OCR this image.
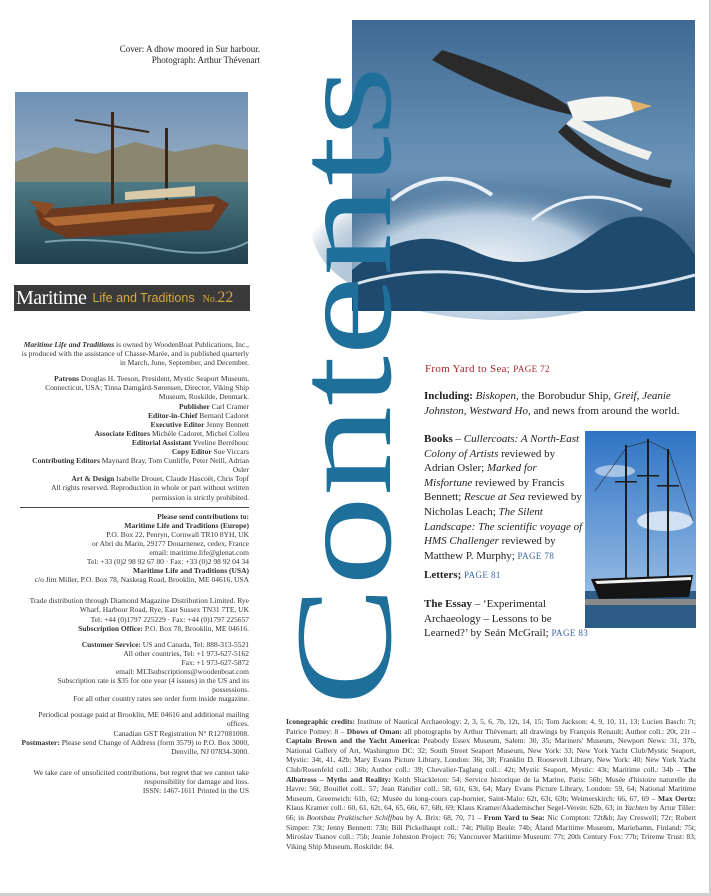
Cover: A dhow moored in Sur harbour.
Photograph: Arthur Thévenart
Maritime Life and Traditions No.22

Maritime Life and Traditions is owned by WoodenBoat Publications, Inc., is produced with the assistance of Chasse-Marée, and is published quarterly in March, June, September, and December.

Patrons Douglas H. Teeson, President, Mystic Seaport Museum, Connecticut, USA; Tinna Damgård-Sørensen, Director, Viking Ship Museum, Roskilde, Denmark.

Publisher Carl Cramer

Editor-in-Chief Bernard Cadoret

Executive Editor Jenny Bennett

Associate Editors Michèle Cadoret, Michel Colleu

Editorial Assistant Yveline Berréhouc

Copy Editor Sue Viccars

Contributing Editors Maynard Bray, Tom Cunliffe, Peter Neill, Adrian Osler

Art & Design Isabelle Drouet, Claude Hascoët, Chris Topf

All rights reserved. Reproduction in whole or part without written permission is strictly prohibited.

Please send contributions to:

Maritime Life and Traditions (Europe)

P.O. Box 22, Penryn, Cornwall TR10 8YH, UK

or Abri du Marin, 29177 Douarnenez, cedex, France

email: maritime.life@glenat.com

Tel: +33 (0)2 98 92 67 80 · Fax: +33 (0)2 98 92 04 34

Maritime Life and Traditions (USA)

c/o Jim Miller, P.O. Box 78, Naskeag Road, Brooklin, ME 04616, USA

Trade distribution through Diamond Magazine Distribution Limited. Rye Wharf, Harbour Road, Rye, East Sussex TN31 7TE, UK

Tel: +44 (0)1797 225229 · Fax: +44 (0)1797 225657

Subscription Office: P.O. Box 78, Brooklin, ME 04616.

Customer Service: US and Canada, Tel: 888-313-5521

All other countries, Tel: +1 973-627-5162

Fax: +1 973-627-5872

email: MLTsubscriptions@woodenboat.com

Subscription rate is $35 for one year (4 issues) in the US and its possessions.

For all other country rates see order form inside magazine.

Periodical postage paid at Brooklin, ME 04616 and additional mailing offices.

Canadian GST Registration N° R127081008.

Postmaster: Please send Change of Address (form 3579) to P.O. Box 3000, Denville, NJ 07834-3000.

We take care of unsolicited contributions, but regret that we cannot take responsibility for damage and loss.

ISSN: 1467-1611 Printed in the US

Contents From Yard to Sea; PAGE 72
Including: Biskopen, the Borobudur Ship, Greif, Jeanie Johnston, Westward Ho, and news from around the world.
Books – Cullercoats: A North-East Colony of Artists reviewed by Adrian Osler; Marked for Misfortune reviewed by Francis Bennett; Rescue at Sea reviewed by Nicholas Leach; The Silent Landscape: The scientific voyage of HMS Challenger reviewed by Matthew P. Murphy; PAGE 78
Letters; PAGE 81
The Essay – ‘Experimental Archaeology – Lessons to be Learned?’ by Seán McGrail; PAGE 83
Iconographic credits: Institute of Nautical Archaeology: 2, 3, 5, 6, 7b, 12t, 14, 15; Tom Jackson: 4, 9, 10, 11, 13; Lucien Basch: 7t; Patrice Pomey: 8 – Dhows of Oman: all photographs by Arthur Thévenart; all drawings by François Renault; Author coll.: 20t, 21t – Captain Brown and the Yacht America: Peabody Essex Museum, Salem: 30, 35; Mariners' Museum, Newport News: 31, 37b, National Gallery of Art, Washington DC: 32; South Street Seaport Museum, New York: 33; New York Yacht Club/Mystic Seaport, Mystic: 34t, 41, 42b; Mary Evans Picture Library, London: 36t, 38; Franklin D. Roosevelt Library, New York: 40; New York Yacht Club/Rosenfeld coll.: 36b; Author coll.: 39; Chevalier-Taglang coll.: 42t; Mystic Seaport, Mystic: 43t; Maritime coll.: 34b – The Albatross – Myths and Reality: Keith Shackleton: 54; Service historique de la Marine, Paris: 56b; Musée d'histoire naturelle du Havre: 56t; Bouillet coll.: 57; Jean Randier coll.: 58, 61t, 63t, 64; Mary Evans Picture Library, London: 59, 64; National Maritime Museum, Greenwich: 61b, 62; Musée du long-cours cap-hornier, Saint-Malo: 62t, 63t, 63b; Weimerskirch: 66, 67, 69 – Max Oertz: Klaus Kramer coll.: 60, 61, 62t, 64, 65, 66t, 67, 68t, 69; Klaus Kramer/Akademischer Segel-Verein: 62b, 63; in Yachten by Artur Tiller: 66; in Bootsbau Praktischer Schiffbau by A. Brix: 68, 70, 71 – From Yard to Sea: Nic Compton: 72t&b; Jay Creswell; 72r; Robert Simper: 73t; Jenny Bennett: 73b; Bill Pickelhaupt coll.: 74t; Philip Beale: 74b; Åland Maritime Museum, Mariehamn, Finland: 75t; Miroslav Tsanov coll.: 75b; Jeanie Johnston Project: 76; Vancouver Maritime Museum: 77t; 20th Century Fox: 77b; Trireme Trust: 83; Viking Ship Museum, Roskilde: 84.
